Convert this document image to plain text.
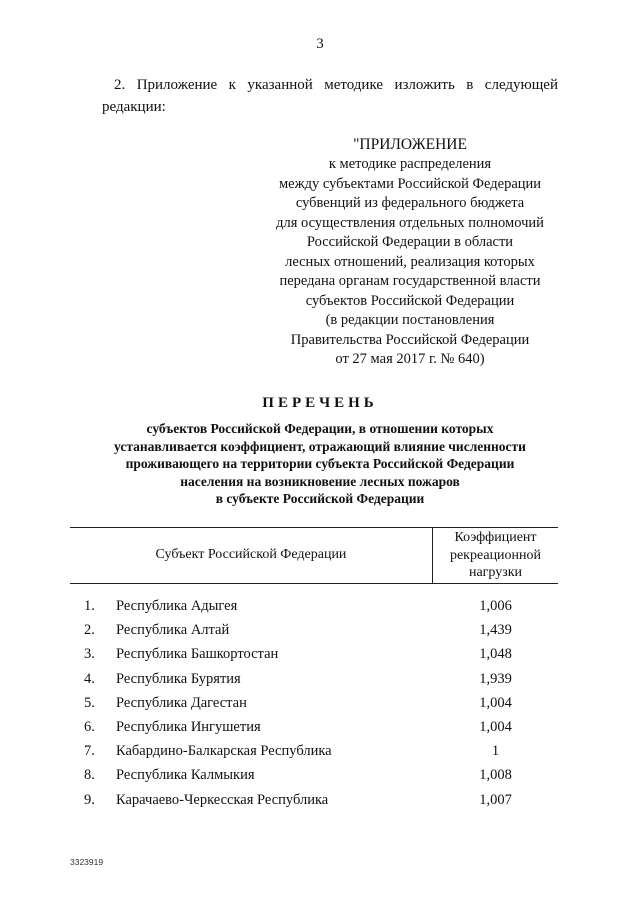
3
2. Приложение к указанной методике изложить в следующей
редакции:
"ПРИЛОЖЕНИЕ
к методике распределения
между субъектами Российской Федерации
субвенций из федерального бюджета
для осуществления отдельных полномочий
Российской Федерации в области
лесных отношений, реализация которых
передана органам государственной власти
субъектов Российской Федерации
(в редакции постановления
Правительства Российской Федерации
от 27 мая 2017 г. № 640)
ПЕРЕЧЕНЬ
субъектов Российской Федерации, в отношении которых
устанавливается коэффициент, отражающий влияние численности
проживающего на территории субъекта Российской Федерации
населения на возникновение лесных пожаров
в субъекте Российской Федерации
Субъект Российской Федерации
Коэффициент
рекреационной
нагрузки
1. Республика Адыгея	1,006
2. Республика Алтай	1,439
3. Республика Башкортостан	1,048
4. Республика Бурятия	1,939
5. Республика Дагестан	1,004
6. Республика Ингушетия	1,004
7. Кабардино-Балкарская Республика	1
8. Республика Калмыкия	1,008
9. Карачаево-Черкесская Республика	1,007
3323919
